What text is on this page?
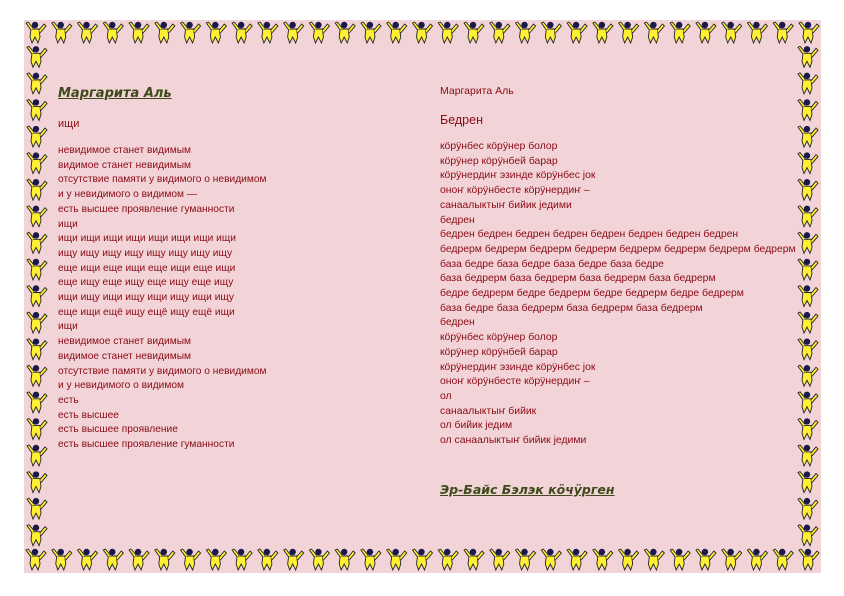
Маргарита Аль

ищи

невидимое станет видимым
видимое станет невидимым
отсутствие памяти у видимого о невидимом
и у невидимого о видимом —
есть высшее проявление гуманности
ищи
ищи ищи ищи ищи ищи ищи ищи ищи
ищу ищу ищу ищу ищу ищу ищу ищу
еще ищи еще ищи еще ищи еще ищи
еще ищу еще ищу еще ищу еще ищу
ищи ищу ищи ищу ищи ищу ищи ищу
еще ищи ещё ищу ещё ищу ещё ищи
ищи
невидимое станет видимым
видимое станет невидимым
отсутствие памяти у видимого о невидимом
и у невидимого о видимом
есть
есть высшее
есть высшее проявление
есть высшее проявление гуманности

Маргарита Аль

Бедрен

кӧрӱнбес кӧрӱнер болор
кӧрӱнер кӧрӱнбей барар
кӧрӱнердиҥ эзинде кӧрӱнбес јок
оноҥ кӧрӱнбесте кӧрӱнердиҥ –
санаалыктыҥ бийик једими
бедрен
бедрен бедрен бедрен бедрен бедрен бедрен бедрен бедрен
бедрерм бедрерм бедрерм бедрерм бедрерм бедрерм бедрерм бедрерм
база бедре база бедре база бедре база бедре
база бедрерм база бедрерм база бедрерм база бедрерм
бедре бедрерм бедре бедрерм бедре бедрерм бедре бедрерм
база бедре база бедрерм база бедрерм база бедрерм
бедрен
кӧрӱнбес кӧрӱнер болор
кӧрӱнер кӧрӱнбей барар
кӧрӱнердиҥ эзинде кӧрӱнбес јок
оноҥ кӧрӱнбесте кӧрӱнердиҥ –
ол
санаалыктыҥ бийик
ол бийик једим
ол санаалыктыҥ бийик једими

Эр-Байс Бэлэк кӧчӱрген
